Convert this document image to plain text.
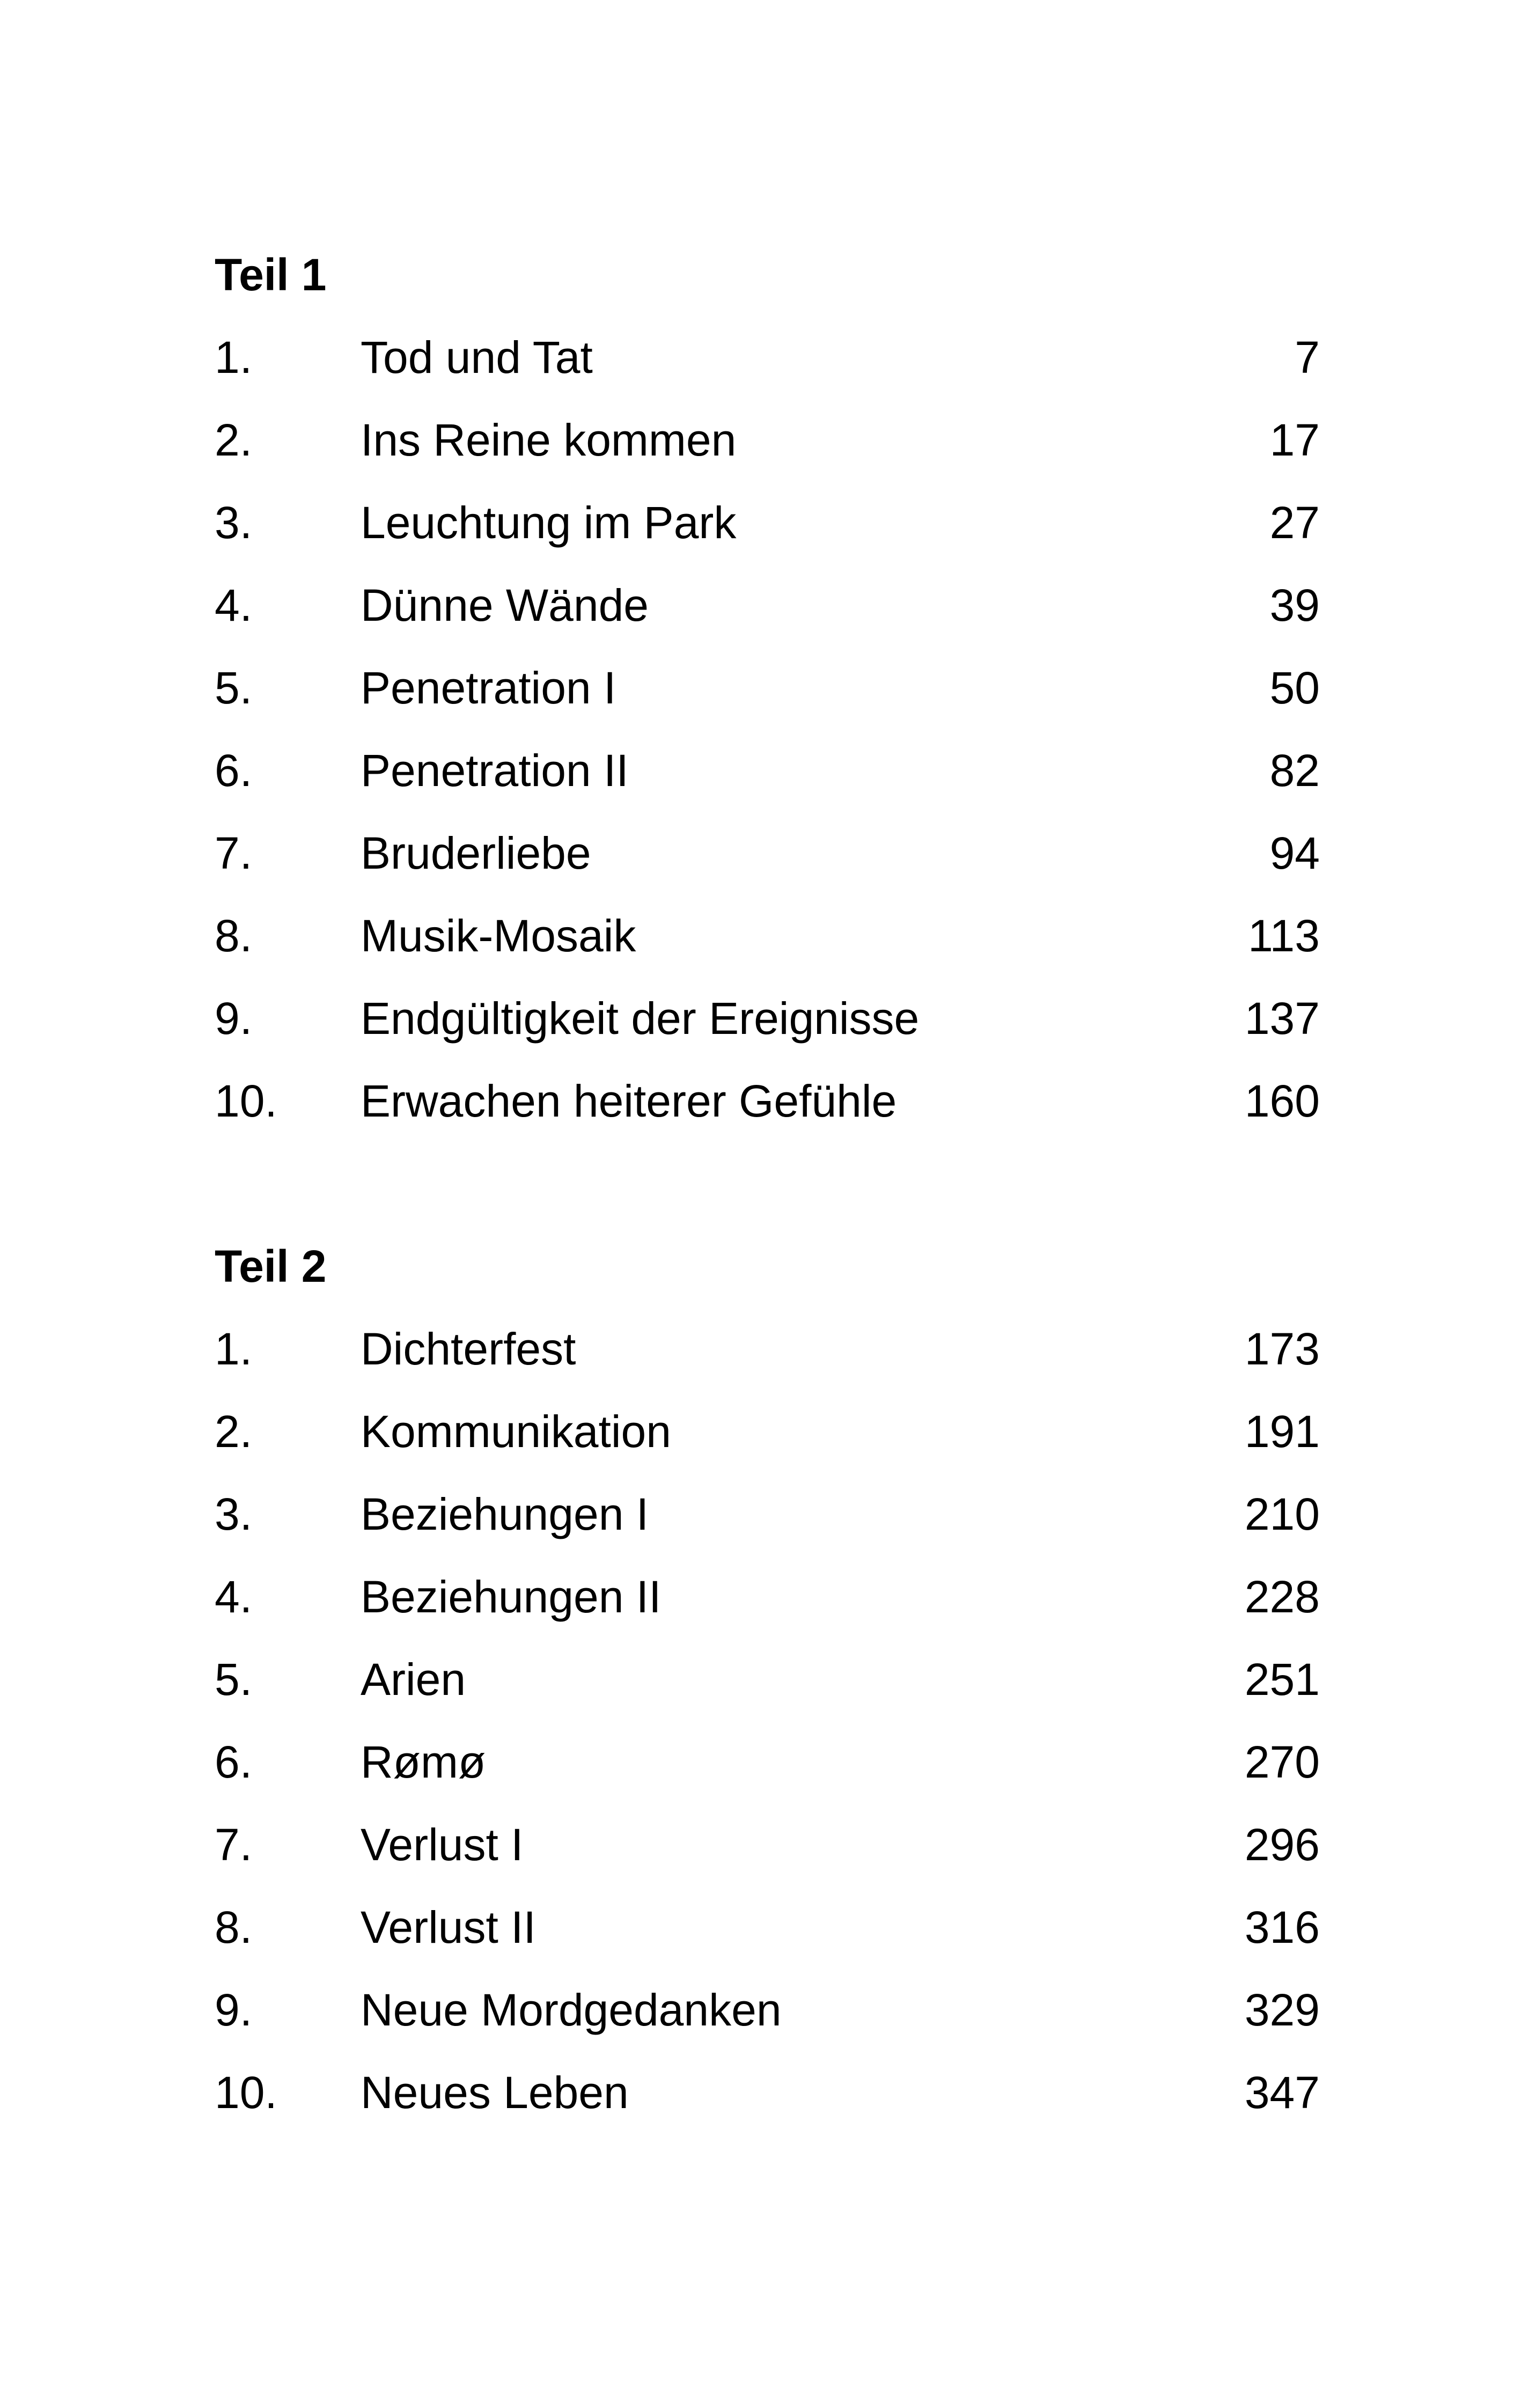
Teil 1
1. Tod und Tat	7
2. Ins Reine kommen	17
3. Leuchtung im Park	27
4. Dünne Wände	39
5. Penetration I	50
6. Penetration II	82
7. Bruderliebe	94
8. Musik-Mosaik	113
9. Endgültigkeit der Ereignisse	137
10. Erwachen heiterer Gefühle	160
Teil 2
1. Dichterfest	173
2. Kommunikation	191
3. Beziehungen I	210
4. Beziehungen II	228
5. Arien	251
6. Rømø	270
7. Verlust I	296
8. Verlust II	316
9. Neue Mordgedanken	329
10. Neues Leben	347
